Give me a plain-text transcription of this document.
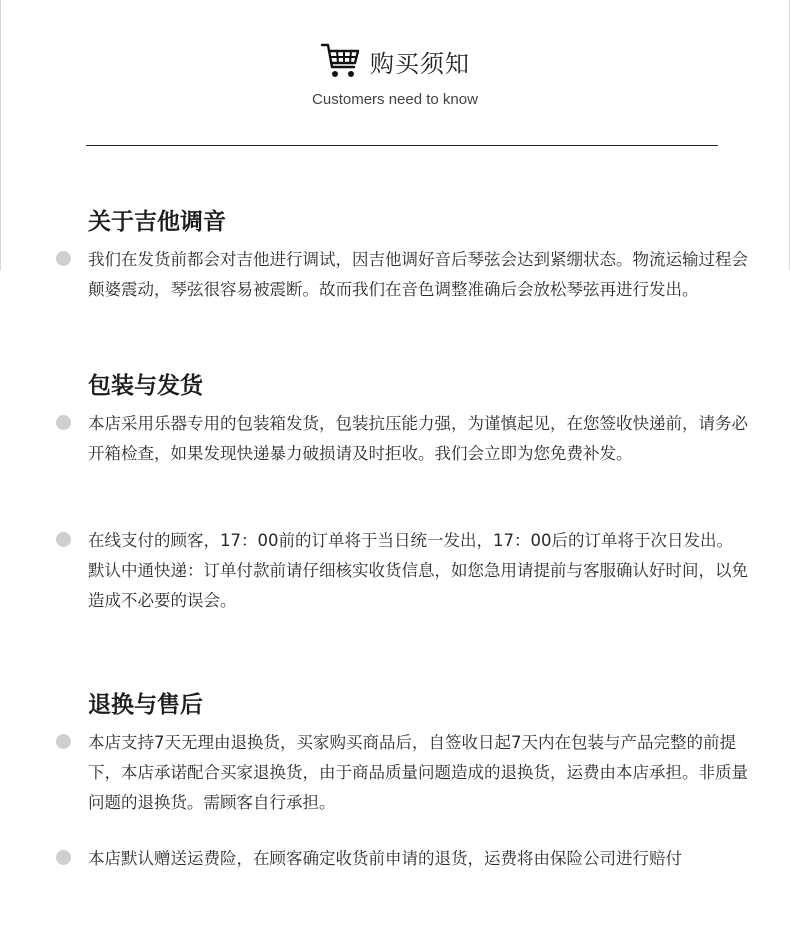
购买须知
Customers need to know
关于吉他调音
我们在发货前都会对吉他进行调试，因吉他调好音后琴弦会达到紧绷状态。物流运输过程会颠婆震动，琴弦很容易被震断。故而我们在音色调整准确后会放松琴弦再进行发出。
包装与发货
本店采用乐器专用的包装箱发货，包装抗压能力强，为谨慎起见，在您签收快递前，请务必开箱检查，如果发现快递暴力破损请及时拒收。我们会立即为您免费补发。
在线支付的顾客，17：00前的订单将于当日统一发出，17：00后的订单将于次日发出。默认中通快递：订单付款前请仔细核实收货信息，如您急用请提前与客服确认好时间，以免造成不必要的误会。
退换与售后
本店支持7天无理由退换货，买家购买商品后，自签收日起7天内在包装与产品完整的前提下，本店承诺配合买家退换货，由于商品质量问题造成的退换货，运费由本店承担。非质量问题的退换货。需顾客自行承担。
本店默认赠送运费险，在顾客确定收货前申请的退货，运费将由保险公司进行赔付
